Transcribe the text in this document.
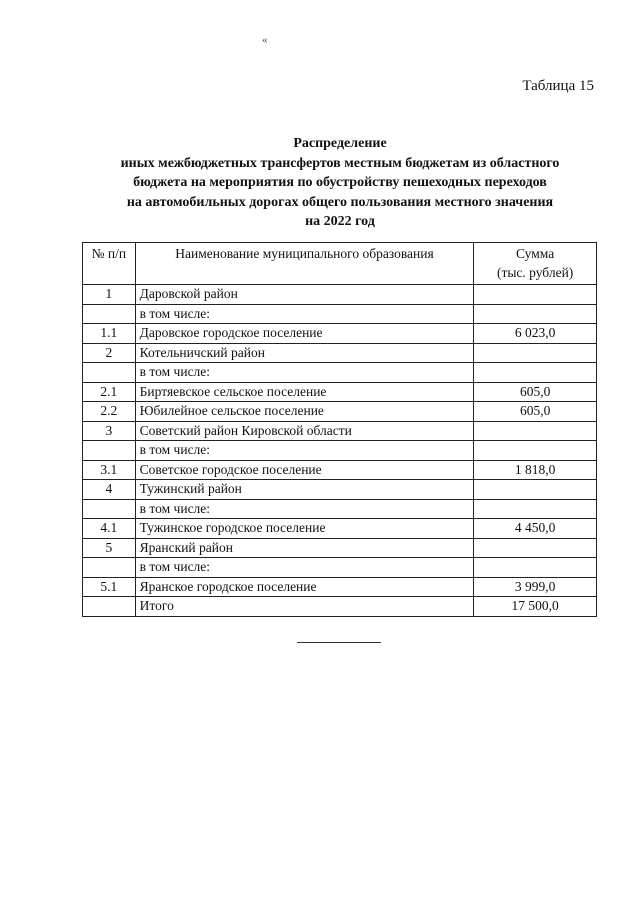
«
Таблица 15
Распределение
иных межбюджетных трансфертов местным бюджетам из областного
бюджета на мероприятия по обустройству пешеходных переходов
на автомобильных дорогах общего пользования местного значения
на 2022 год
№ п/п	Наименование муниципального образования	Сумма
(тыс. рублей)

1	Даровской район	
	в том числе:	
1.1	Даровское городское поселение	6 023,0
2	Котельничский район	
	в том числе:	
2.1	Биртяевское сельское поселение	605,0
2.2	Юбилейное сельское поселение	605,0
3	Советский район Кировской области	
	в том числе:	
3.1	Советское городское поселение	1 818,0
4	Тужинский район	
	в том числе:	
4.1	Тужинское городское поселение	4 450,0
5	Яранский район	
	в том числе:	
5.1	Яранское городское поселение	3 999,0
	Итого	17 500,0
